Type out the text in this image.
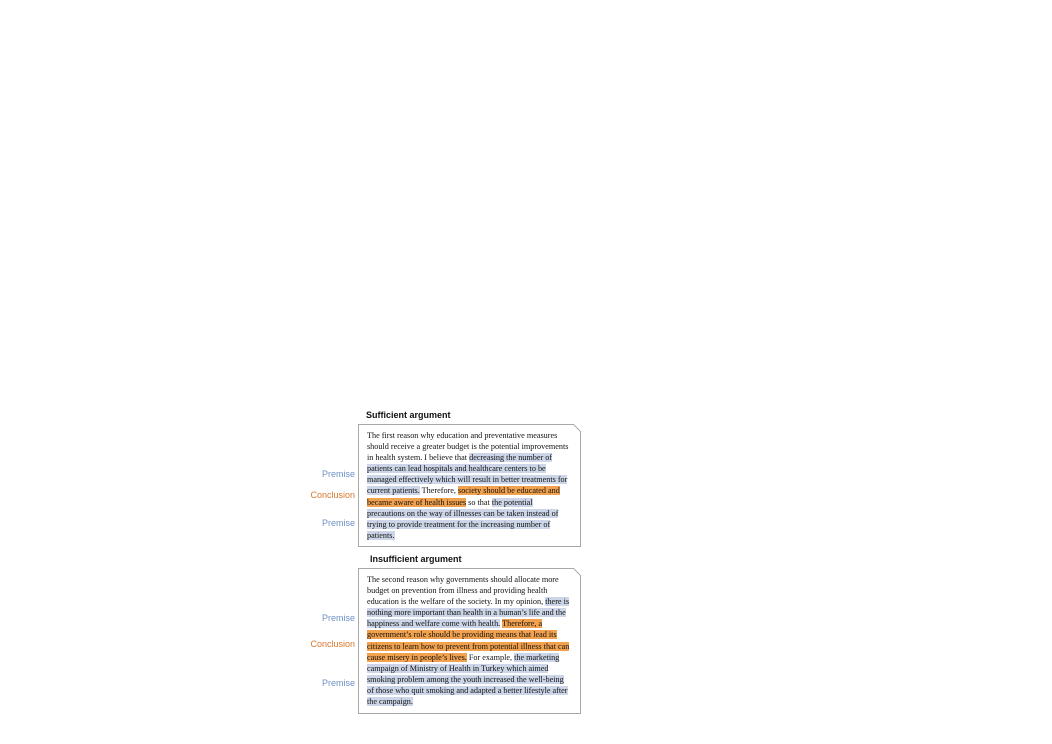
Sufficient argument
Premise
Conclusion
Premise
The first reason why education and preventative measures should receive a greater budget is the potential improvements in health system. I believe that decreasing the number of patients can lead hospitals and healthcare centers to be managed effectively which will result in better treatments for current patients. Therefore, society should be educated and became aware of health issues so that the potential precautions on the way of illnesses can be taken instead of trying to provide treatment for the increasing number of patients.
Insufficient argument
Premise
Conclusion
Premise
The second reason why governments should allocate more budget on prevention from illness and providing health education is the welfare of the society. In my opinion, there is nothing more important than health in a human’s life and the happiness and welfare come with health. Therefore, a government’s role should be providing means that lead its citizens to learn how to prevent from potential illness that can cause misery in people’s lives. For example, the marketing campaign of Ministry of Health in Turkey which aimed smoking problem among the youth increased the well-being of those who quit smoking and adapted a better lifestyle after the campaign.
